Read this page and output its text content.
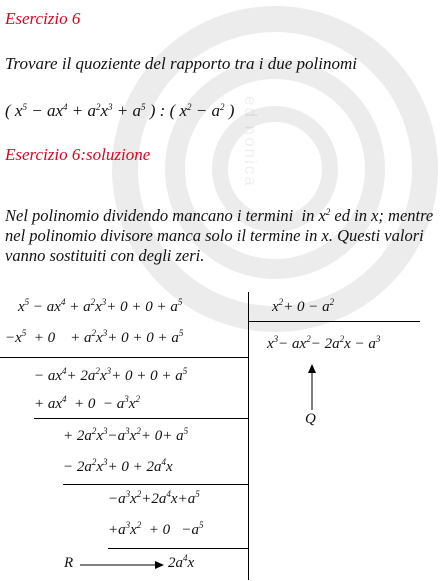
ed nonica
Esercizio 6
Trovare il quoziente del rapporto tra i due polinomi
( $x^5 - ax^4 + a^2x^3 + a^5$ ) : ( $x^2 - a^2$ )
Esercizio 6:soluzione
Nel polinomio dividendo mancano i termini  in $x^2$ ed in x; mentre nel polinomio divisore manca solo il termine in x. Questi valori vanno sostituiti con degli zeri.
$x^5 - ax^4 + a^2x^3+ 0 + 0 + a^5$
$-x^5 + 0$    + $a^2x^3+ 0 + 0 + a^5$
− $ax^4+ 2a^2x^3+ 0 + 0 + a^5$
+ $ax^4 + 0 - a^3x^2$
+ $2a^2x^3-a^3x^2+ 0+ a^5$
− $2a^2x^3+ 0 + 2a^4x$
$-a^3x^2+2a^4x+a^5$
$+a^3x^2 + 0 -a^5$
R	$2a^4x$
$x^2+ 0 - a^2$
$x^3- ax^2- 2a^2x - a^3$
Q
